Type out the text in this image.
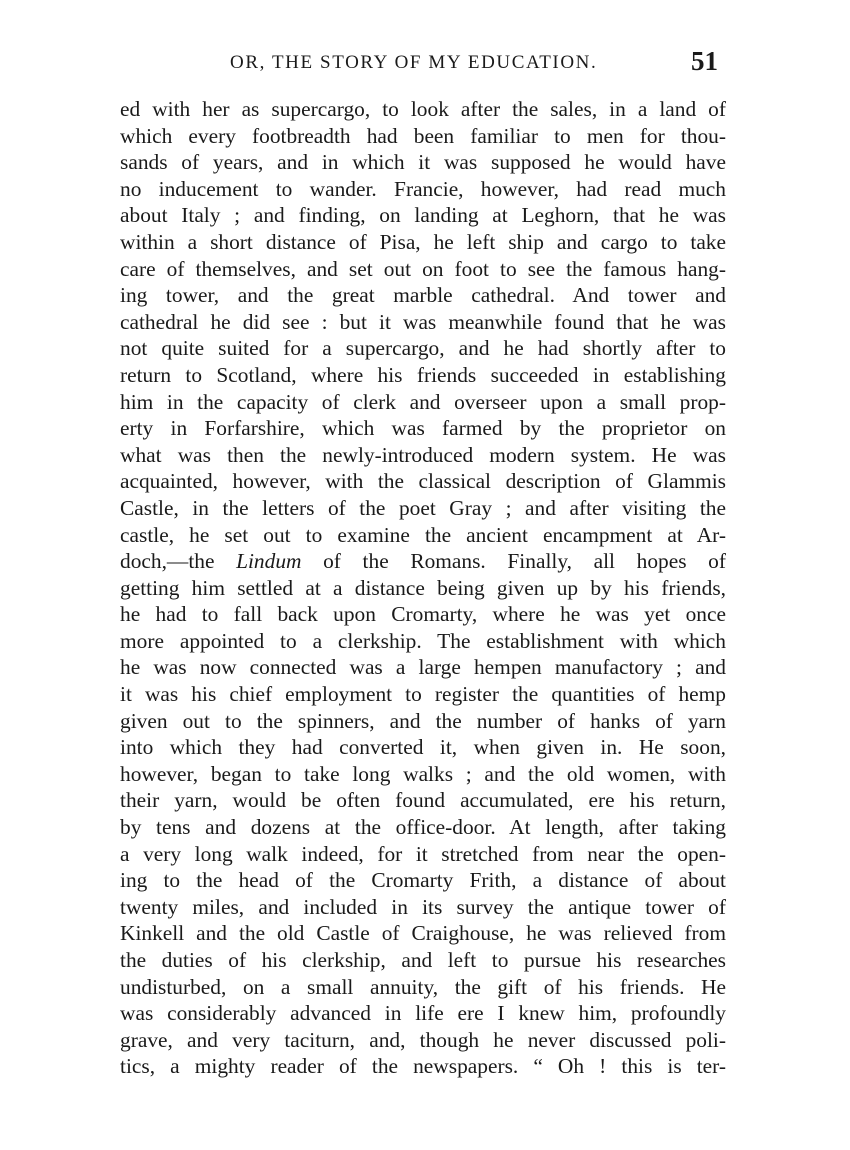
OR, THE STORY OF MY EDUCATION.	51
ed with her as supercargo, to look after the sales, in a land of
which every footbreadth had been familiar to men for thou-
sands of years, and in which it was supposed he would have
no inducement to wander. Francie, however, had read much
about Italy ; and finding, on landing at Leghorn, that he was
within a short distance of Pisa, he left ship and cargo to take
care of themselves, and set out on foot to see the famous hang-
ing tower, and the great marble cathedral. And tower and
cathedral he did see : but it was meanwhile found that he was
not quite suited for a supercargo, and he had shortly after to
return to Scotland, where his friends succeeded in establishing
him in the capacity of clerk and overseer upon a small prop-
erty in Forfarshire, which was farmed by the proprietor on
what was then the newly-introduced modern system. He was
acquainted, however, with the classical description of Glammis
Castle, in the letters of the poet Gray ; and after visiting the
castle, he set out to examine the ancient encampment at Ar-
doch,—the Lindum of the Romans. Finally, all hopes of
getting him settled at a distance being given up by his friends,
he had to fall back upon Cromarty, where he was yet once
more appointed to a clerkship. The establishment with which
he was now connected was a large hempen manufactory ; and
it was his chief employment to register the quantities of hemp
given out to the spinners, and the number of hanks of yarn
into which they had converted it, when given in. He soon,
however, began to take long walks ; and the old women, with
their yarn, would be often found accumulated, ere his return,
by tens and dozens at the office-door. At length, after taking
a very long walk indeed, for it stretched from near the open-
ing to the head of the Cromarty Frith, a distance of about
twenty miles, and included in its survey the antique tower of
Kinkell and the old Castle of Craighouse, he was relieved from
the duties of his clerkship, and left to pursue his researches
undisturbed, on a small annuity, the gift of his friends. He
was considerably advanced in life ere I knew him, profoundly
grave, and very taciturn, and, though he never discussed poli-
tics, a mighty reader of the newspapers. “ Oh ! this is ter-
